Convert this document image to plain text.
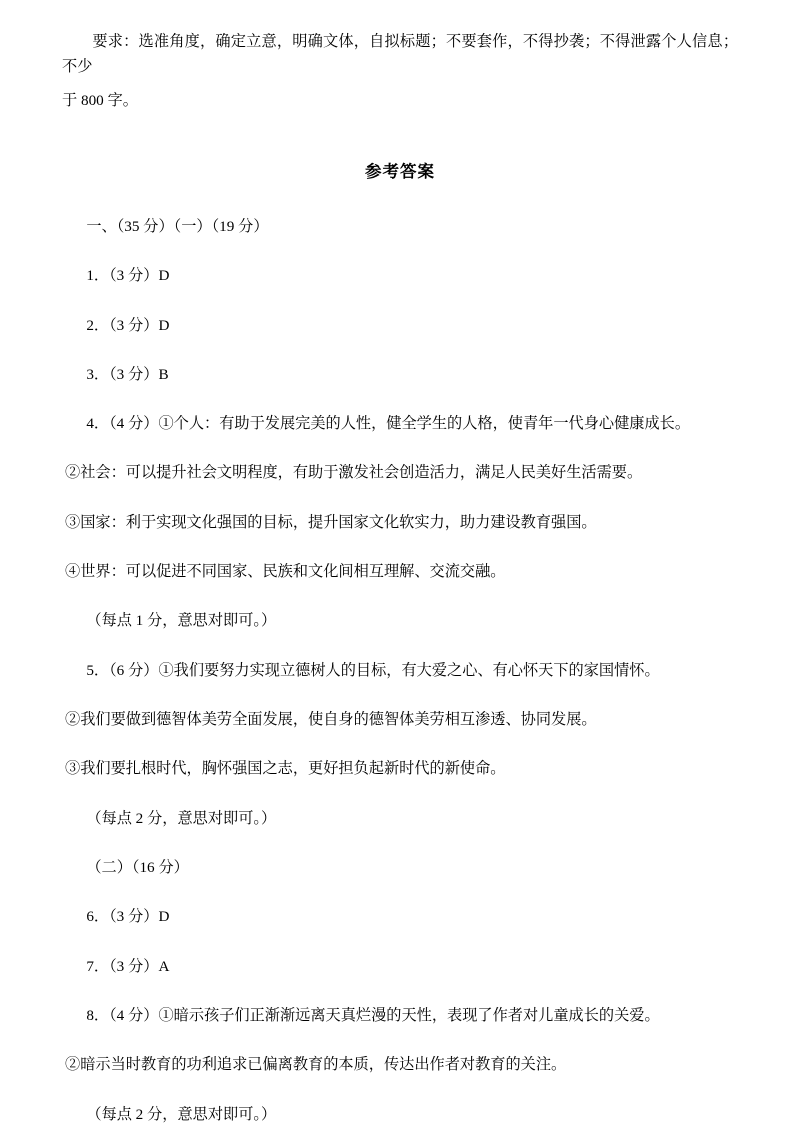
要求：选准角度，确定立意，明确文体，自拟标题；不要套作，不得抄袭；不得泄露个人信息；不少

于 800 字。

参考答案

一、（35 分）（一）（19 分）

1．（3 分）D

2．（3 分）D

3．（3 分）B

4．（4 分）①个人：有助于发展完美的人性，健全学生的人格，使青年一代身心健康成长。

②社会：可以提升社会文明程度，有助于激发社会创造活力，满足人民美好生活需要。

③国家：利于实现文化强国的目标，提升国家文化软实力，助力建设教育强国。

④世界：可以促进不同国家、民族和文化间相互理解、交流交融。

（每点 1 分，意思对即可。）

5．（6 分）①我们要努力实现立德树人的目标，有大爱之心、有心怀天下的家国情怀。

②我们要做到德智体美劳全面发展，使自身的德智体美劳相互渗透、协同发展。

③我们要扎根时代，胸怀强国之志，更好担负起新时代的新使命。

（每点 2 分，意思对即可。）

（二）（16 分）

6．（3 分）D

7．（3 分）A

8．（4 分）①暗示孩子们正渐渐远离天真烂漫的天性，表现了作者对儿童成长的关爱。

②暗示当时教育的功利追求已偏离教育的本质，传达出作者对教育的关注。

（每点 2 分，意思对即可。）
